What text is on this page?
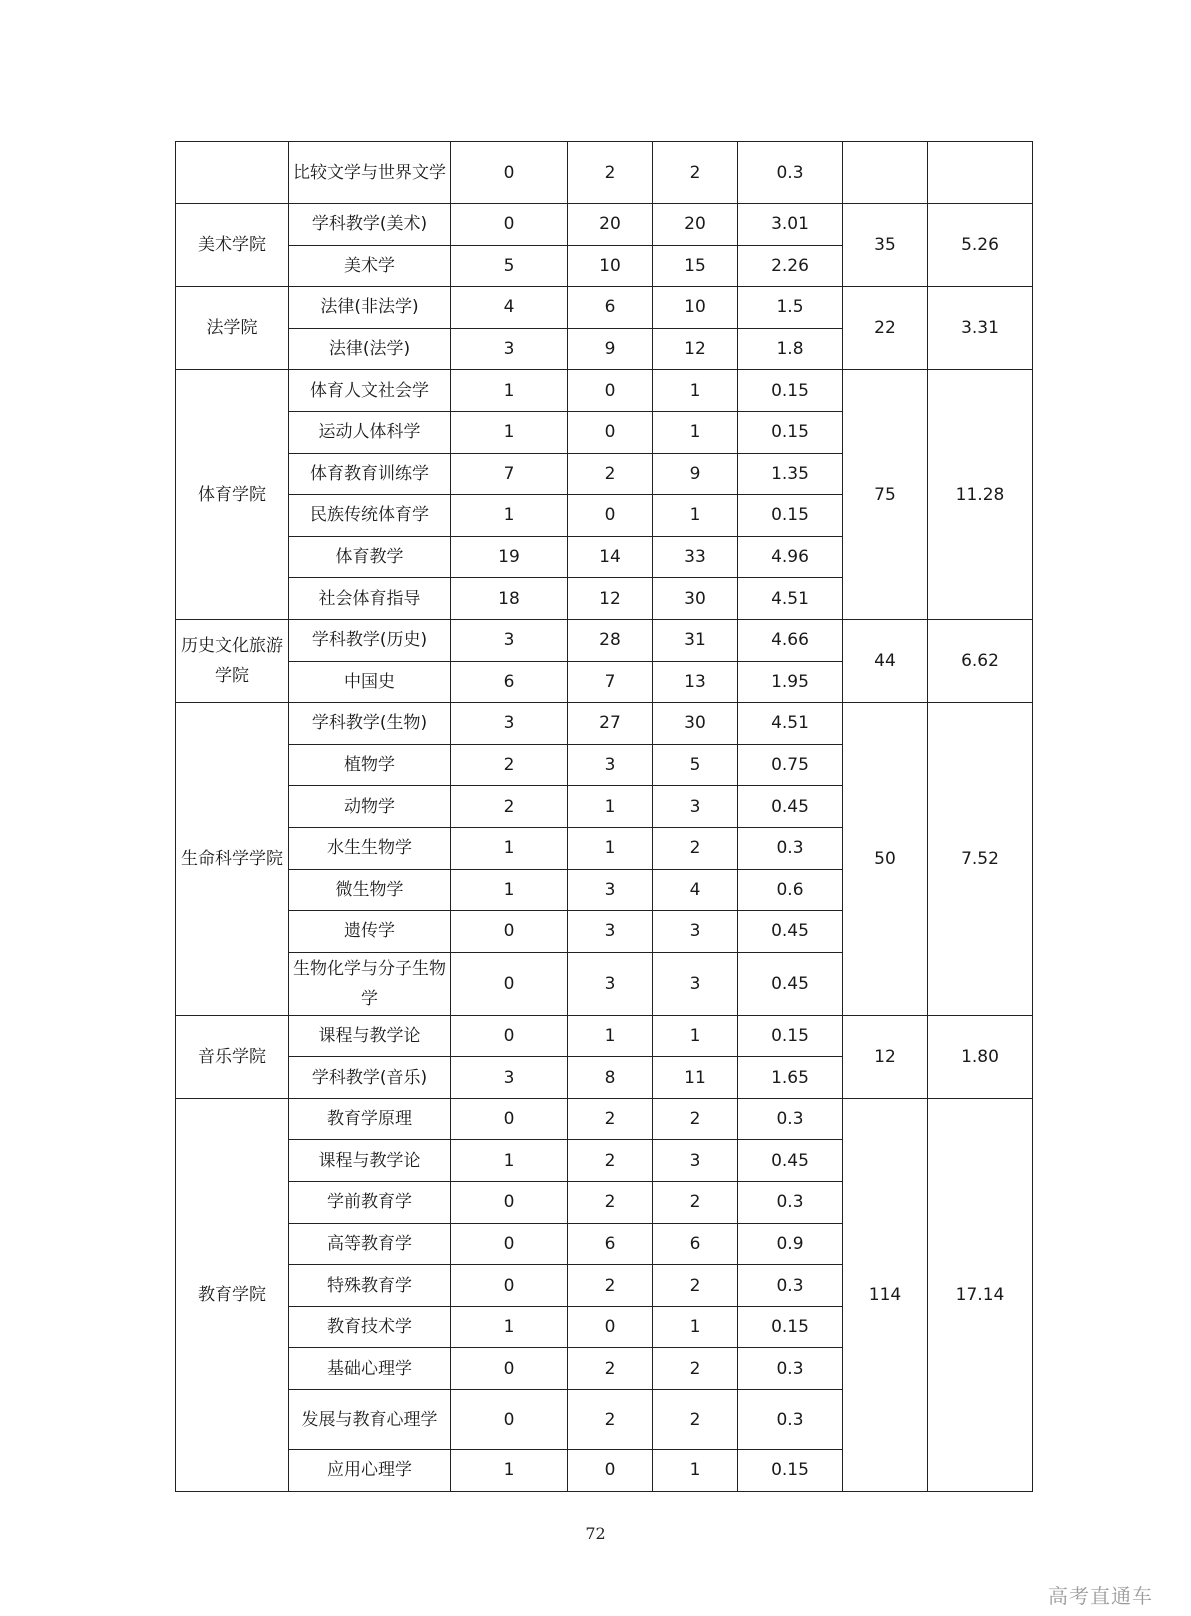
	比较文学与世界文学	0	2	2	0.3		
美术学院	学科教学(美术)	0	20	20	3.01	35	5.26
	美术学	5	10	15	2.26		
法学院	法律(非法学)	4	6	10	1.5	22	3.31
	法律(法学)	3	9	12	1.8		
体育学院	体育人文社会学	1	0	1	0.15	75	11.28
	运动人体科学	1	0	1	0.15		
	体育教育训练学	7	2	9	1.35		
	民族传统体育学	1	0	1	0.15		
	体育教学	19	14	33	4.96		
	社会体育指导	18	12	30	4.51		
历史文化旅游学院	学科教学(历史)	3	28	31	4.66	44	6.62
	中国史	6	7	13	1.95		
生命科学学院	学科教学(生物)	3	27	30	4.51	50	7.52
	植物学	2	3	5	0.75		
	动物学	2	1	3	0.45		
	水生生物学	1	1	2	0.3		
	微生物学	1	3	4	0.6		
	遗传学	0	3	3	0.45		
	生物化学与分子生物学	0	3	3	0.45		
音乐学院	课程与教学论	0	1	1	0.15	12	1.80
	学科教学(音乐)	3	8	11	1.65		
教育学院	教育学原理	0	2	2	0.3	114	17.14
	课程与教学论	1	2	3	0.45		
	学前教育学	0	2	2	0.3		
	高等教育学	0	6	6	0.9		
	特殊教育学	0	2	2	0.3		
	教育技术学	1	0	1	0.15		
	基础心理学	0	2	2	0.3		
	发展与教育心理学	0	2	2	0.3		
	应用心理学	1	0	1	0.15		
72
高考直通车
